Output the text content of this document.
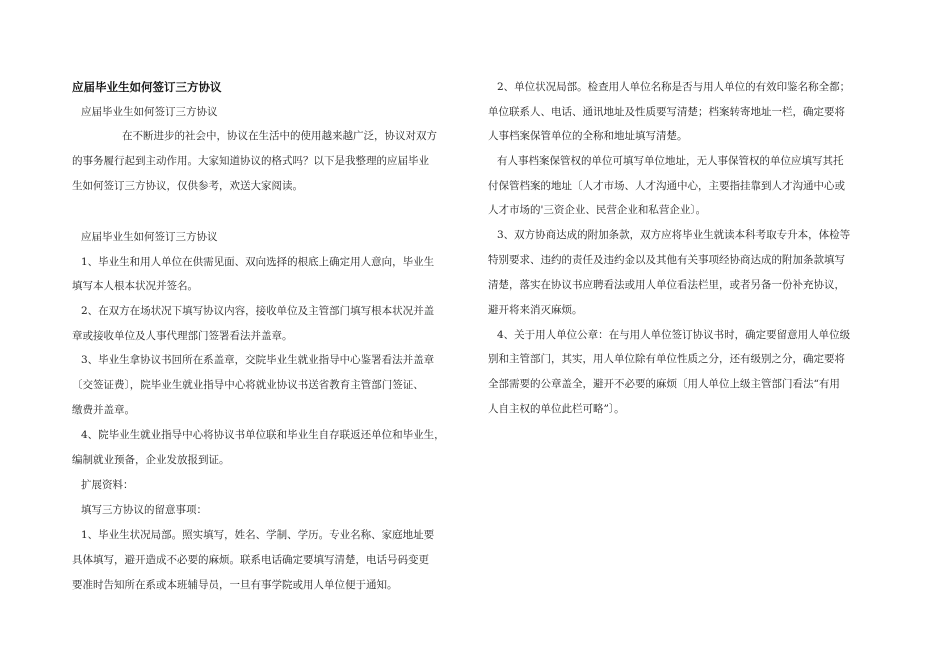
应届毕业生如何签订三方协议
应届毕业生如何签订三方协议
在不断进步的社会中，协议在生活中的使用越来越广泛，协议对双方
的事务履行起到主动作用。大家知道协议的格式吗？以下是我整理的应届毕业
生如何签订三方协议，仅供参考，欢送大家阅读。
应届毕业生如何签订三方协议
1、毕业生和用人单位在供需见面、双向选择的根底上确定用人意向，毕业生
填写本人根本状况并签名。
2、在双方在场状况下填写协议内容，接收单位及主管部门填写根本状况并盖
章或接收单位及人事代理部门签署看法并盖章。
3、毕业生拿协议书回所在系盖章，交院毕业生就业指导中心鉴署看法并盖章
〔交签证费〕，院毕业生就业指导中心将就业协议书送省教育主管部门签证、
缴费并盖章。
4、院毕业生就业指导中心将协议书单位联和毕业生自存联返还单位和毕业生，
编制就业预备，企业发放报到证。
扩展资料：
填写三方协议的留意事项：
1、毕业生状况局部。照实填写，姓名、学制、学历。专业名称、家庭地址要
具体填写，避开造成不必要的麻烦。联系电话确定要填写清楚，电话号码变更
要准时告知所在系或本班辅导员，一旦有事学院或用人单位便于通知。
2、单位状况局部。检查用人单位名称是否与用人单位的有效印鉴名称全都；
单位联系人、电话、通讯地址及性质要写清楚；档案转寄地址一栏，确定要将
人事档案保管单位的全称和地址填写清楚。
有人事档案保管权的单位可填写单位地址，无人事保管权的单位应填写其托
付保管档案的地址〔人才市场、人才沟通中心，主要指挂靠到人才沟通中心或
人才市场的'三资企业、民营企业和私营企业〕。
3、双方协商达成的附加条款，双方应将毕业生就读本科考取专升本，体检等
特别要求、违约的责任及违约金以及其他有关事项经协商达成的附加条款填写
清楚，落实在协议书应聘看法或用人单位看法栏里，或者另备一份补充协议，
避开将来消灭麻烦。
4、关于用人单位公章：在与用人单位签订协议书时，确定要留意用人单位级
别和主管部门，其实，用人单位除有单位性质之分，还有级别之分，确定要将
全部需要的公章盖全，避开不必要的麻烦〔用人单位上级主管部门看法“有用
人自主权的单位此栏可略”〕。
